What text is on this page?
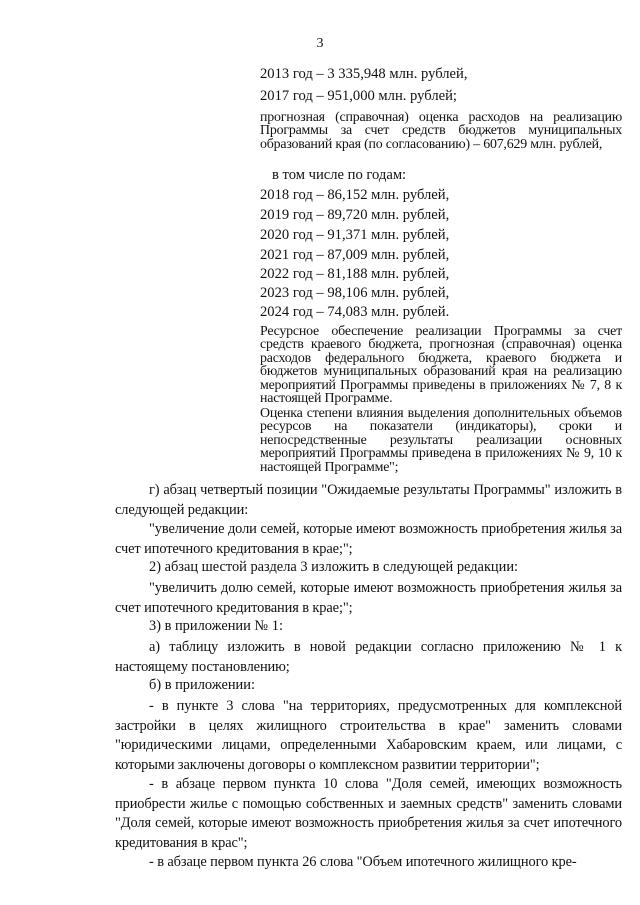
3
2013 год – 3 335,948 млн. рублей,
2017 год – 951,000 млн. рублей;
прогнозная (справочная) оценка расходов на реализацию Программы за счет средств бюджетов муниципальных образований края (по согласованию) – 607,629 млн. рублей,
в том числе по годам:
2018 год – 86,152 млн. рублей,
2019 год – 89,720 млн. рублей,
2020 год – 91,371 млн. рублей,
2021 год – 87,009 млн. рублей,
2022 год – 81,188 млн. рублей,
2023 год – 98,106 млн. рублей,
2024 год – 74,083 млн. рублей.
Ресурсное обеспечение реализации Программы за счет средств краевого бюджета, прогнозная (справочная) оценка расходов федерального бюджета, краевого бюджета и бюджетов муниципальных образований края на реализацию мероприятий Программы приведены в приложениях № 7, 8 к настоящей Программе.
Оценка степени влияния выделения дополнительных объемов ресурсов на показатели (индикаторы), сроки и непосредственные результаты реализации основных мероприятий Программы приведена в приложениях № 9, 10 к настоящей Программе";
г) абзац четвертый позиции "Ожидаемые результаты Программы" изложить в следующей редакции:
"увеличение доли семей, которые имеют возможность приобретения жилья за счет ипотечного кредитования в крае;";
2) абзац шестой раздела 3 изложить в следующей редакции:
"увеличить долю семей, которые имеют возможность приобретения жилья за счет ипотечного кредитования в крае;";
3) в приложении № 1:
а) таблицу изложить в новой редакции согласно приложению № 1 к настоящему постановлению;
б) в приложении:
- в пункте 3 слова "на территориях, предусмотренных для комплексной застройки в целях жилищного строительства в крае" заменить словами "юридическими лицами, определенными Хабаровским краем, или лицами, с которыми заключены договоры о комплексном развитии территории";
- в абзаце первом пункта 10 слова "Доля семей, имеющих возможность приобрести жилье с помощью собственных и заемных средств" заменить словами "Доля семей, которые имеют возможность приобретения жилья за счет ипотечного кредитования в крас";
- в абзаце первом пункта 26 слова "Объем ипотечного жилищного кре-
